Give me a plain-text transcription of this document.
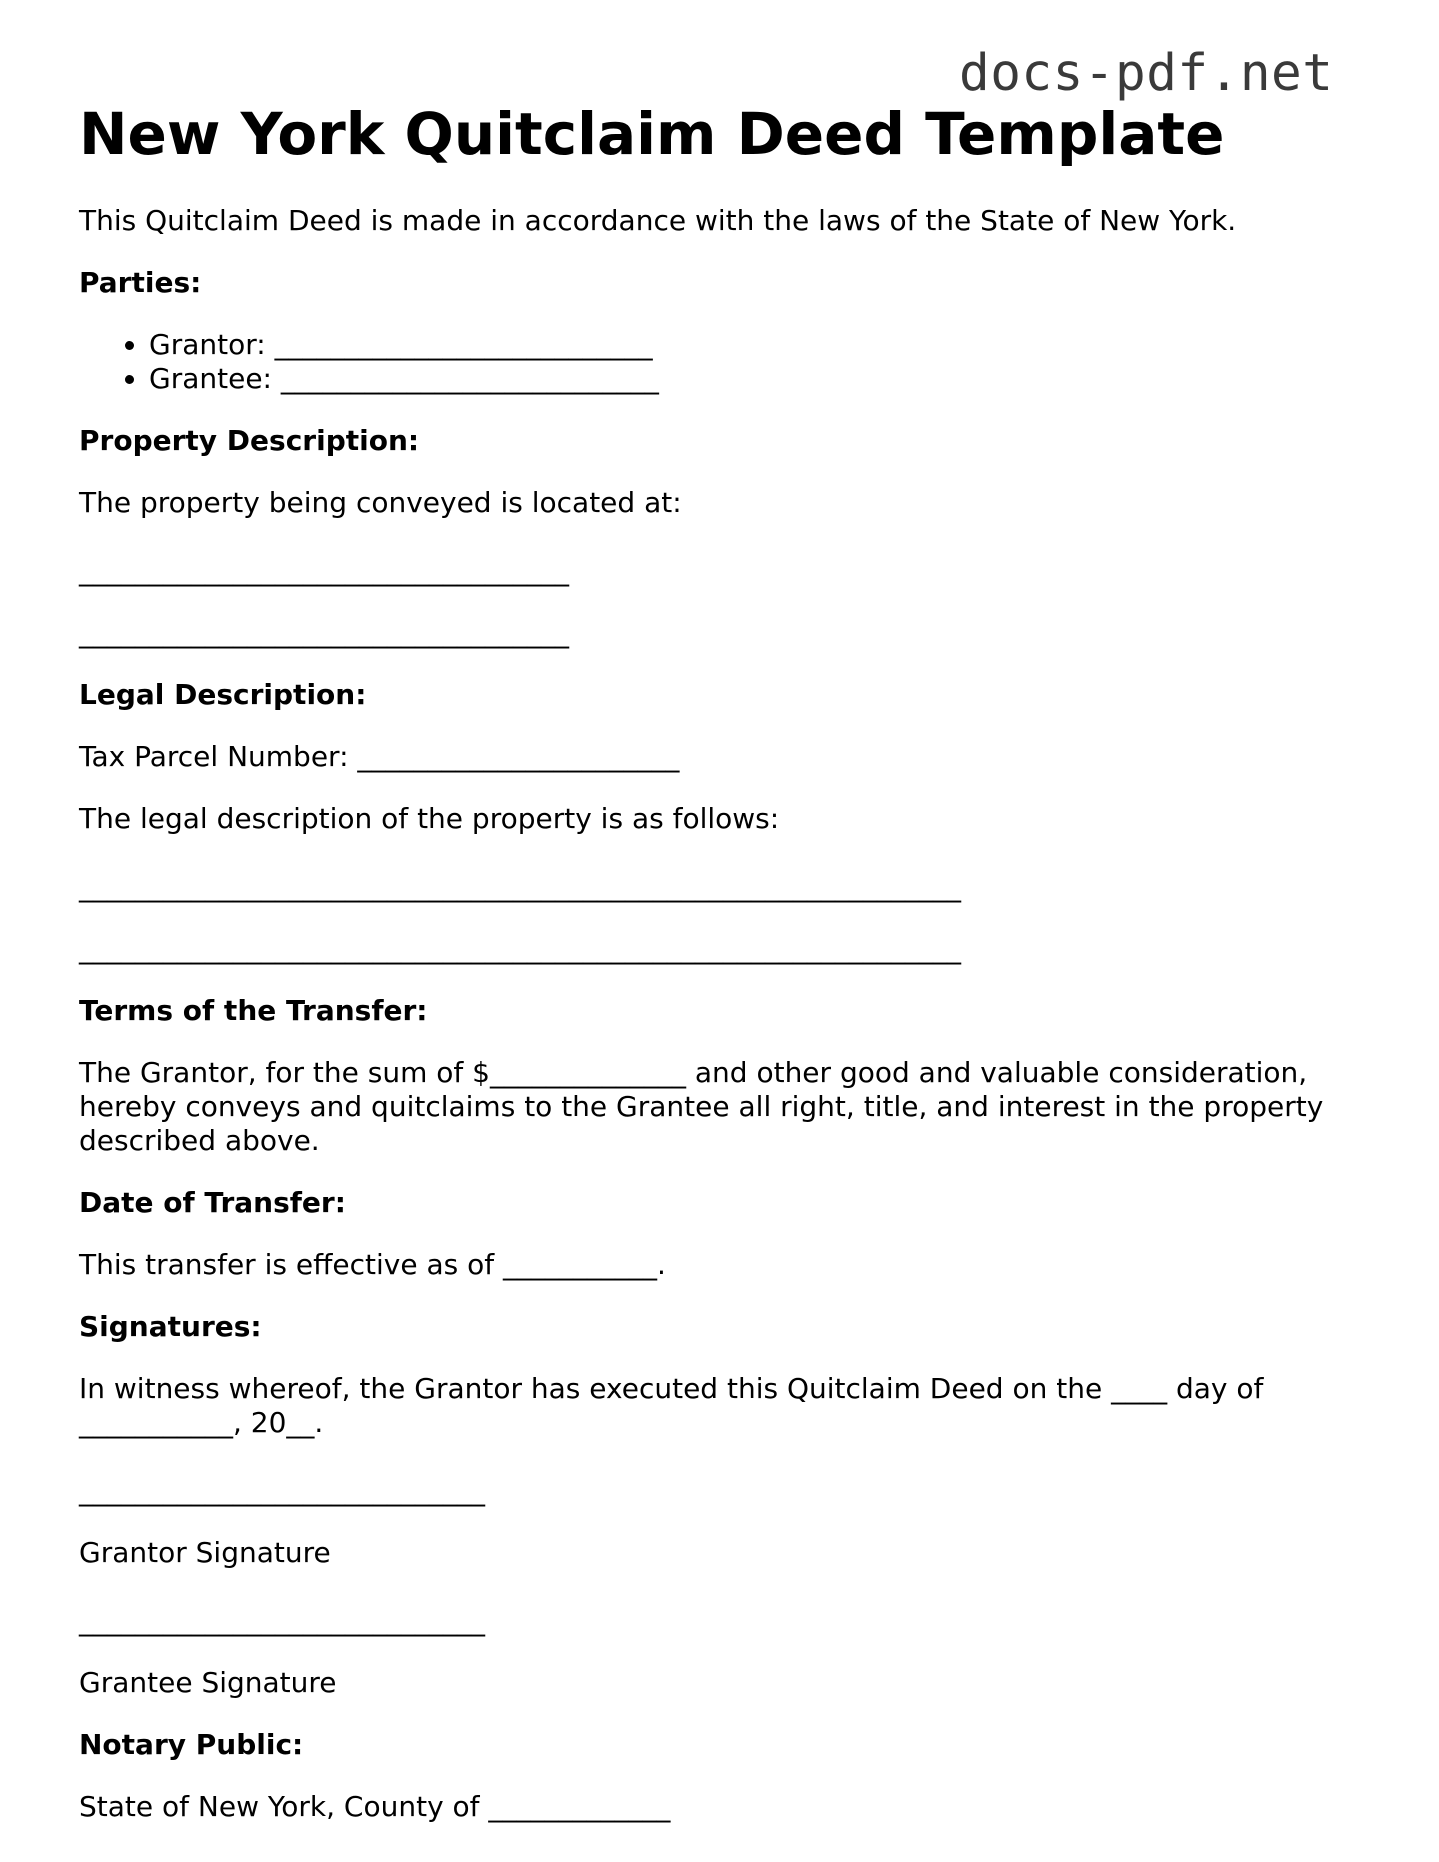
docs-pdf.net
New York Quitclaim Deed Template

This Quitclaim Deed is made in accordance with the laws of the State of New York.

Parties:

• Grantor: ___________________________
• Grantee: ___________________________

Property Description:

The property being conveyed is located at:

___________________________________

___________________________________

Legal Description:

Tax Parcel Number: _______________________

The legal description of the property is as follows:

_______________________________________________________________

_______________________________________________________________

Terms of the Transfer:

The Grantor, for the sum of $______________ and other good and valuable consideration, hereby conveys and quitclaims to the Grantee all right, title, and interest in the property described above.

Date of Transfer:

This transfer is effective as of ___________.

Signatures:

In witness whereof, the Grantor has executed this Quitclaim Deed on the ____ day of ___________, 20__.

_____________________________

Grantor Signature

_____________________________

Grantee Signature

Notary Public:

State of New York, County of _____________
